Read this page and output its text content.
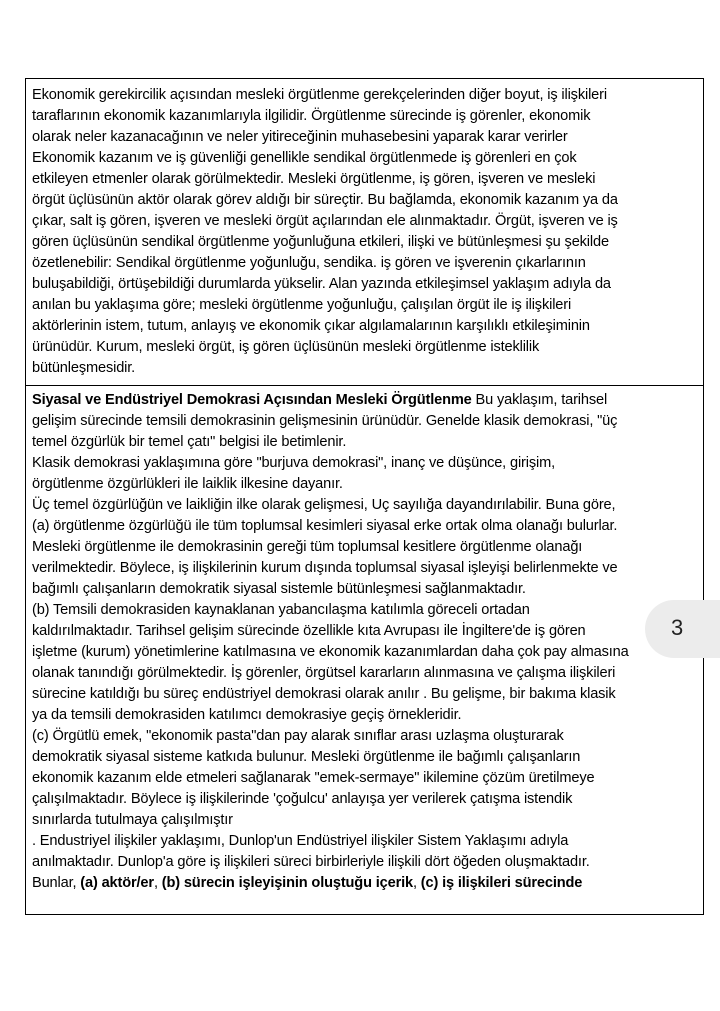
Ekonomik gerekircilik açısından mesleki örgütlenme gerekçelerinden diğer boyut, iş ilişkileri
taraflarının ekonomik kazanımlarıyla ilgilidir. Örgütlenme sürecinde iş görenler, ekonomik
olarak neler kazanacağının ve neler yitireceğinin muhasebesini yaparak karar verirler
Ekonomik kazanım ve iş güvenliği genellikle sendikal örgütlenmede iş görenleri en çok
etkileyen etmenler olarak görülmektedir. Mesleki örgütlenme, iş gören, işveren ve mesleki
örgüt üçlüsünün aktör olarak görev aldığı bir süreçtir. Bu bağlamda, ekonomik kazanım ya da
çıkar, salt iş gören, işveren ve mesleki örgüt açılarından ele alınmaktadır. Örgüt, işveren ve iş
gören üçlüsünün sendikal örgütlenme yoğunluğuna etkileri, ilişki ve bütünleşmesi şu şekilde
özetlenebilir: Sendikal örgütlenme yoğunluğu, sendika. iş gören ve işverenin çıkarlarının
buluşabildiği, örtüşebildiği durumlarda yükselir. Alan yazında etkileşimsel yaklaşım adıyla da
anılan bu yaklaşıma göre; mesleki örgütlenme yoğunluğu, çalışılan örgüt ile iş ilişkileri
aktörlerinin istem, tutum, anlayış ve ekonomik çıkar algılamalarının karşılıklı etkileşiminin
ürünüdür. Kurum, mesleki örgüt, iş gören üçlüsünün mesleki örgütlenme isteklilik
bütünleşmesidir.
Siyasal ve Endüstriyel Demokrasi Açısından Mesleki Örgütlenme Bu yaklaşım, tarihsel
gelişim sürecinde temsili demokrasinin gelişmesinin ürünüdür. Genelde klasik demokrasi, "üç
temel özgürlük bir temel çatı" belgisi ile betimlenir.
Klasik demokrasi yaklaşımına göre "burjuva demokrasi", inanç ve düşünce, girişim,
örgütlenme özgürlükleri ile laiklik ilkesine dayanır.
Üç temel özgürlüğün ve laikliğin ilke olarak gelişmesi, Uç sayılığa dayandırılabilir. Buna göre,
(a) örgütlenme özgürlüğü ile tüm toplumsal kesimleri siyasal erke ortak olma olanağı bulurlar.
Mesleki örgütlenme ile demokrasinin gereği tüm toplumsal kesitlere örgütlenme olanağı
verilmektedir. Böylece, iş ilişkilerinin kurum dışında toplumsal siyasal işleyişi belirlenmekte ve
bağımlı çalışanların demokratik siyasal sistemle bütünleşmesi sağlanmaktadır.
(b) Temsili demokrasiden kaynaklanan yabancılaşma katılımla göreceli ortadan
kaldırılmaktadır. Tarihsel gelişim sürecinde özellikle kıta Avrupası ile İngiltere'de iş gören
işletme (kurum) yönetimlerine katılmasına ve ekonomik kazanımlardan daha çok pay almasına
olanak tanındığı görülmektedir. İş görenler, örgütsel kararların alınmasına ve çalışma ilişkileri
sürecine katıldığı bu süreç endüstriyel demokrasi olarak anılır . Bu gelişme, bir bakıma klasik
ya da temsili demokrasiden katılımcı demokrasiye geçiş örnekleridir.
(c) Örgütlü emek, "ekonomik pasta"dan pay alarak sınıflar arası uzlaşma oluşturarak
demokratik siyasal sisteme katkıda bulunur. Mesleki örgütlenme ile bağımlı çalışanların
ekonomik kazanım elde etmeleri sağlanarak "emek-sermaye" ikilemine çözüm üretilmeye
çalışılmaktadır. Böylece iş ilişkilerinde 'çoğulcu' anlayışa yer verilerek çatışma istendik
sınırlarda tutulmaya çalışılmıştır
. Endustriyel ilişkiler yaklaşımı, Dunlop'un Endüstriyel ilişkiler Sistem Yaklaşımı adıyla
anılmaktadır. Dunlop'a göre iş ilişkileri süreci birbirleriyle ilişkili dört öğeden oluşmaktadır.
Bunlar, (a) aktör/er, (b) sürecin işleyişinin oluştuğu içerik, (c) iş ilişkileri sürecinde
3
